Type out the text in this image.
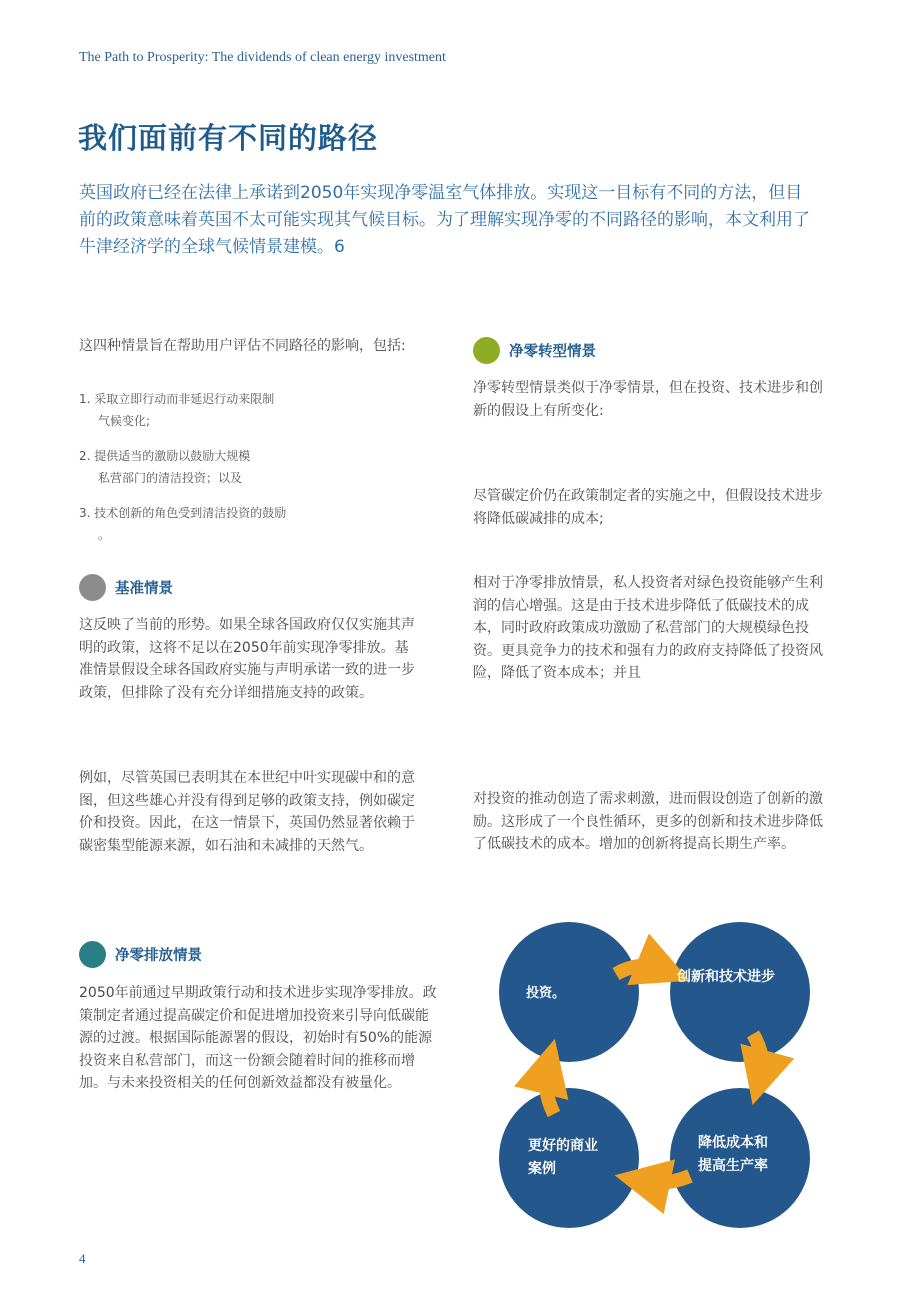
The Path to Prosperity: The dividends of clean energy investment
我们面前有不同的路径
英国政府已经在法律上承诺到2050年实现净零温室气体排放。实现这一目标有不同的方法，但目前的政策意味着英国不太可能实现其气候目标。为了理解实现净零的不同路径的影响，本文利用了牛津经济学的全球气候情景建模。6
这四种情景旨在帮助用户评估不同路径的影响，包括:
1. 采取立即行动而非延迟行动来限制
气候变化;
2. 提供适当的激励以鼓励大规模
私营部门的清洁投资；以及
3. 技术创新的角色受到清洁投资的鼓励
。
基准情景
这反映了当前的形势。如果全球各国政府仅仅实施其声明的政策，这将不足以在2050年前实现净零排放。基准情景假设全球各国政府实施与声明承诺一致的进一步政策，但排除了没有充分详细措施支持的政策。
例如，尽管英国已表明其在本世纪中叶实现碳中和的意图，但这些雄心并没有得到足够的政策支持，例如碳定价和投资。因此，在这一情景下，英国仍然显著依赖于碳密集型能源来源，如石油和未减排的天然气。
净零排放情景
2050年前通过早期政策行动和技术进步实现净零排放。政策制定者通过提高碳定价和促进增加投资来引导向低碳能源的过渡。根据国际能源署的假设，初始时有50%的能源投资来自私营部门，而这一份额会随着时间的推移而增加。与未来投资相关的任何创新效益都没有被量化。
净零转型情景
净零转型情景类似于净零情景，但在投资、技术进步和创新的假设上有所变化:
尽管碳定价仍在政策制定者的实施之中，但假设技术进步将降低碳减排的成本;
相对于净零排放情景，私人投资者对绿色投资能够产生利润的信心增强。这是由于技术进步降低了低碳技术的成本，同时政府政策成功激励了私营部门的大规模绿色投资。更具竞争力的技术和强有力的政府支持降低了投资风险，降低了资本成本；并且
对投资的推动创造了需求刺激，进而假设创造了创新的激励。这形成了一个良性循环，更多的创新和技术进步降低了低碳技术的成本。增加的创新将提高长期生产率。
投资。
创新和技术进步
降低成本和
提高生产率
更好的商业
案例
4
